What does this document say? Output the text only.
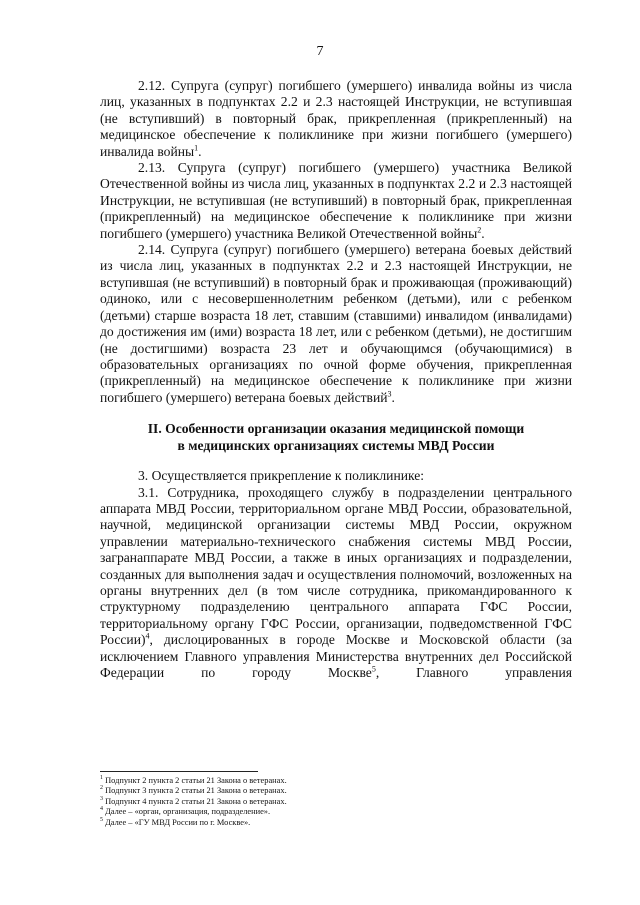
7

2.12. Супруга (супруг) погибшего (умершего) инвалида войны из числа лиц, указанных в подпунктах 2.2 и 2.3 настоящей Инструкции, не вступившая (не вступивший) в повторный брак, прикрепленная (прикрепленный) на медицинское обеспечение к поликлинике при жизни погибшего (умершего) инвалида войны$^1$.

2.13. Супруга (супруг) погибшего (умершего) участника Великой Отечественной войны из числа лиц, указанных в подпунктах 2.2 и 2.3 настоящей Инструкции, не вступившая (не вступивший) в повторный брак, прикрепленная (прикрепленный) на медицинское обеспечение к поликлинике при жизни погибшего (умершего) участника Великой Отечественной войны$^2$.

2.14. Супруга (супруг) погибшего (умершего) ветерана боевых действий из числа лиц, указанных в подпунктах 2.2 и 2.3 настоящей Инструкции, не вступившая (не вступивший) в повторный брак и проживающая (проживающий) одиноко, или с несовершеннолетним ребенком (детьми), или с ребенком (детьми) старше возраста 18 лет, ставшим (ставшими) инвалидом (инвалидами) до достижения им (ими) возраста 18 лет, или с ребенком (детьми), не достигшим (не достигшими) возраста 23 лет и обучающимся (обучающимися) в образовательных организациях по очной форме обучения, прикрепленная (прикрепленный) на медицинское обеспечение к поликлинике при жизни погибшего (умершего) ветерана боевых действий$^3$.

II. Особенности организации оказания медицинской помощи
в медицинских организациях системы МВД России

3. Осуществляется прикрепление к поликлинике:

3.1. Сотрудника, проходящего службу в подразделении центрального аппарата МВД России, территориальном органе МВД России, образовательной, научной, медицинской организации системы МВД России, окружном управлении материально-технического снабжения системы МВД России, загранаппарате МВД России, а также в иных организациях и подразделении, созданных для выполнения задач и осуществления полномочий, возложенных на органы внутренних дел (в том числе сотрудника, прикомандированного к структурному подразделению центрального аппарата ГФС России, территориальному органу ГФС России, организации, подведомственной ГФС России)$^4$, дислоцированных в городе Москве и Московской области (за исключением Главного управления Министерства внутренних дел Российской Федерации по городу Москве$^5$, Главного управления

$^1$ Подпункт 2 пункта 2 статьи 21 Закона о ветеранах.
$^2$ Подпункт 3 пункта 2 статьи 21 Закона о ветеранах.
$^3$ Подпункт 4 пункта 2 статьи 21 Закона о ветеранах.
$^4$ Далее – «орган, организация, подразделение».
$^5$ Далее – «ГУ МВД России по г. Москве».
